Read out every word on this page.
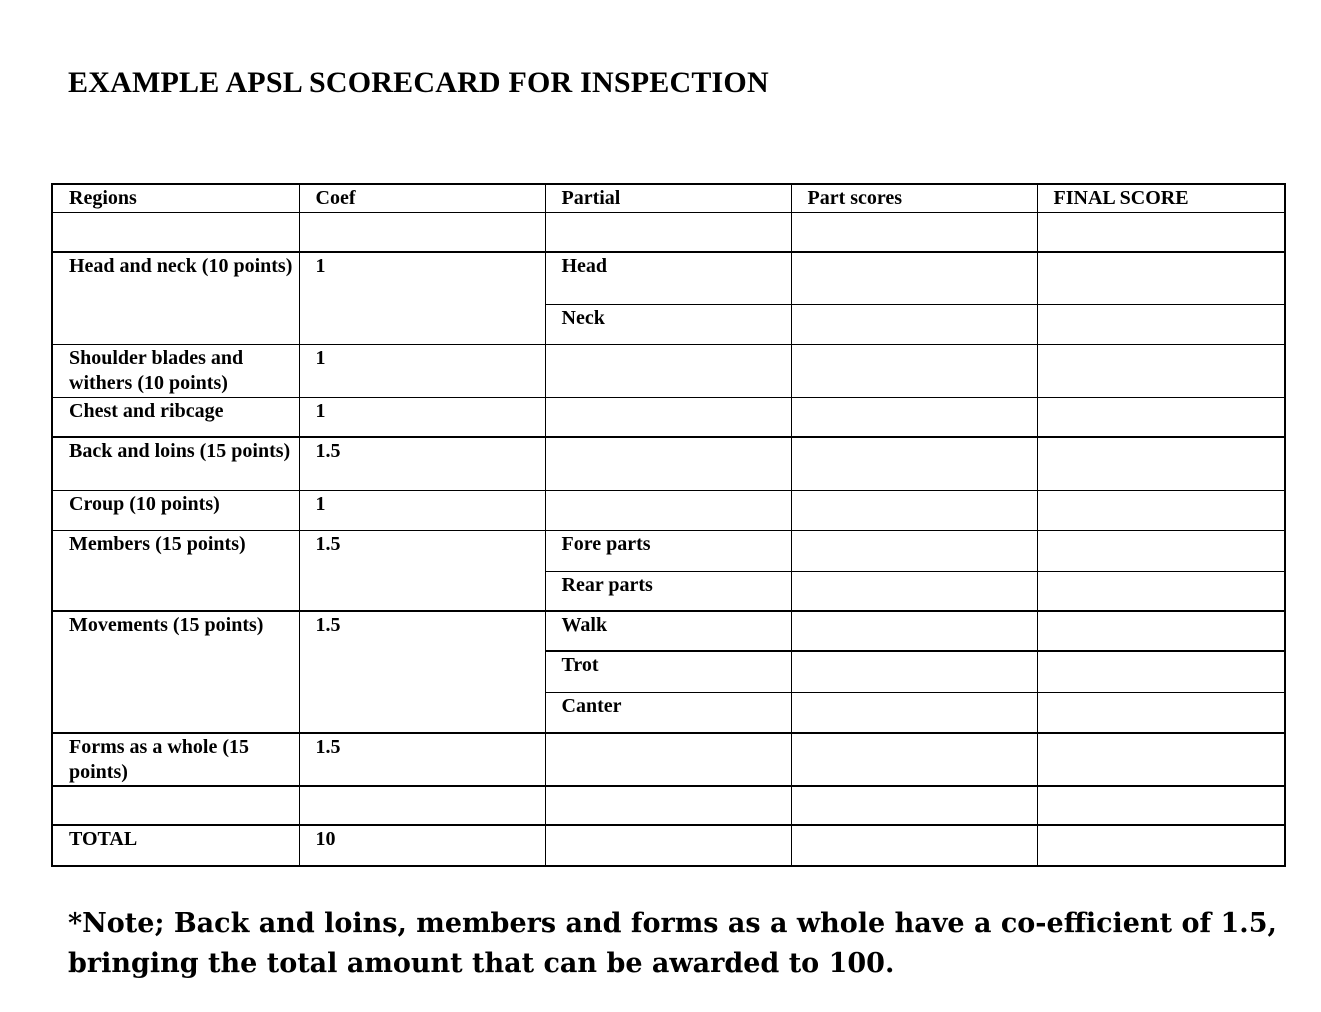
EXAMPLE APSL SCORECARD FOR INSPECTION
Regions	Coef	Partial	Part scores	FINAL SCORE

Head and neck (10 points)	1	Head		
		Neck		
Shoulder blades and withers (10 points)	1			
Chest and ribcage	1			
Back and loins (15 points)	1.5			
Croup (10 points)	1			
Members (15 points)	1.5	Fore parts		
		Rear parts		
Movements (15 points)	1.5	Walk		
		Trot		
		Canter		
Forms as a whole (15 points)	1.5			

TOTAL	10			
*Note; Back and loins, members and forms as a whole have a co-efficient of 1.5, bringing the total amount that can be awarded to 100.
